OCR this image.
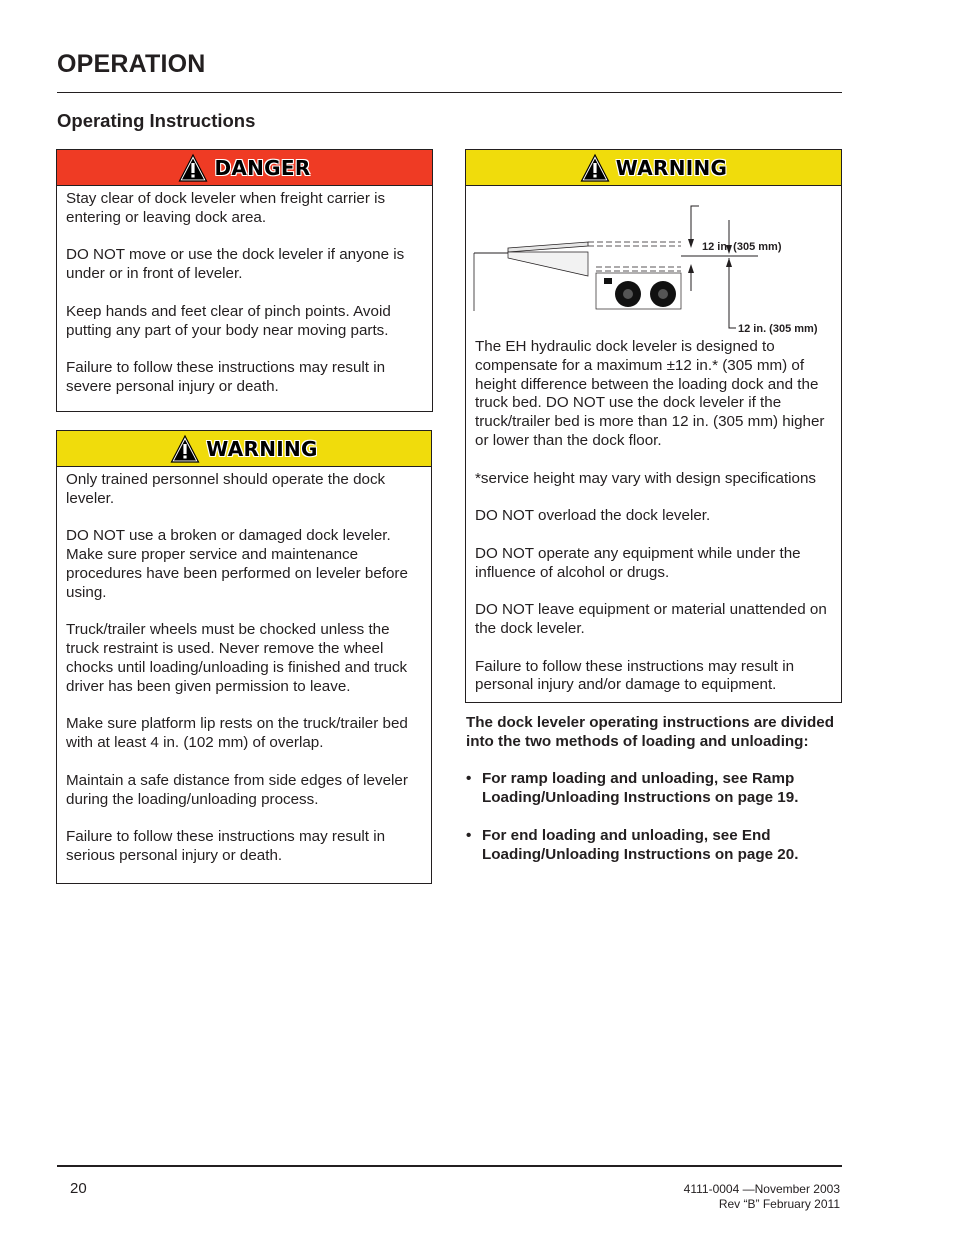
OPERATION
Operating Instructions
DANGER

Stay clear of dock leveler when freight carrier is entering or leaving dock area.

DO NOT move or use the dock leveler if anyone is under or in front of leveler.

Keep hands and feet clear of pinch points. Avoid putting any part of your body near moving parts.

Failure to follow these instructions may result in severe personal injury or death.

WARNING

Only trained personnel should operate the dock leveler.

DO NOT use a broken or damaged dock leveler. Make sure proper service and maintenance procedures have been performed on leveler before using.

Truck/trailer wheels must be chocked unless the truck restraint is used. Never remove the wheel chocks until loading/unloading is finished and truck driver has been given permission to leave.

Make sure platform lip rests on the truck/trailer bed with at least 4 in. (102 mm) of overlap.

Maintain a safe distance from side edges of leveler during the loading/unloading process.

Failure to follow these instructions may result in serious personal injury or death.

WARNING
12 in. (305 mm)
12 in. (305 mm)

The EH hydraulic dock leveler is designed to compensate for a maximum ±12 in.* (305 mm) of height difference between the loading dock and the truck bed. DO NOT use the dock leveler if the truck/trailer bed is more than 12 in. (305 mm) higher or lower than the dock floor.

*service height may vary with design specifications

DO NOT overload the dock leveler.

DO NOT operate any equipment while under the influence of alcohol or drugs.

DO NOT leave equipment or material unattended on the dock leveler.

Failure to follow these instructions may result in personal injury and/or damage to equipment.

The dock leveler operating instructions are divided into the two methods of loading and unloading:

• For ramp loading and unloading, see Ramp Loading/Unloading Instructions on page 19.
• For end loading and unloading, see End Loading/Unloading Instructions on page 20.
20	4111-0004 —November 2003
Rev “B” February 2011
